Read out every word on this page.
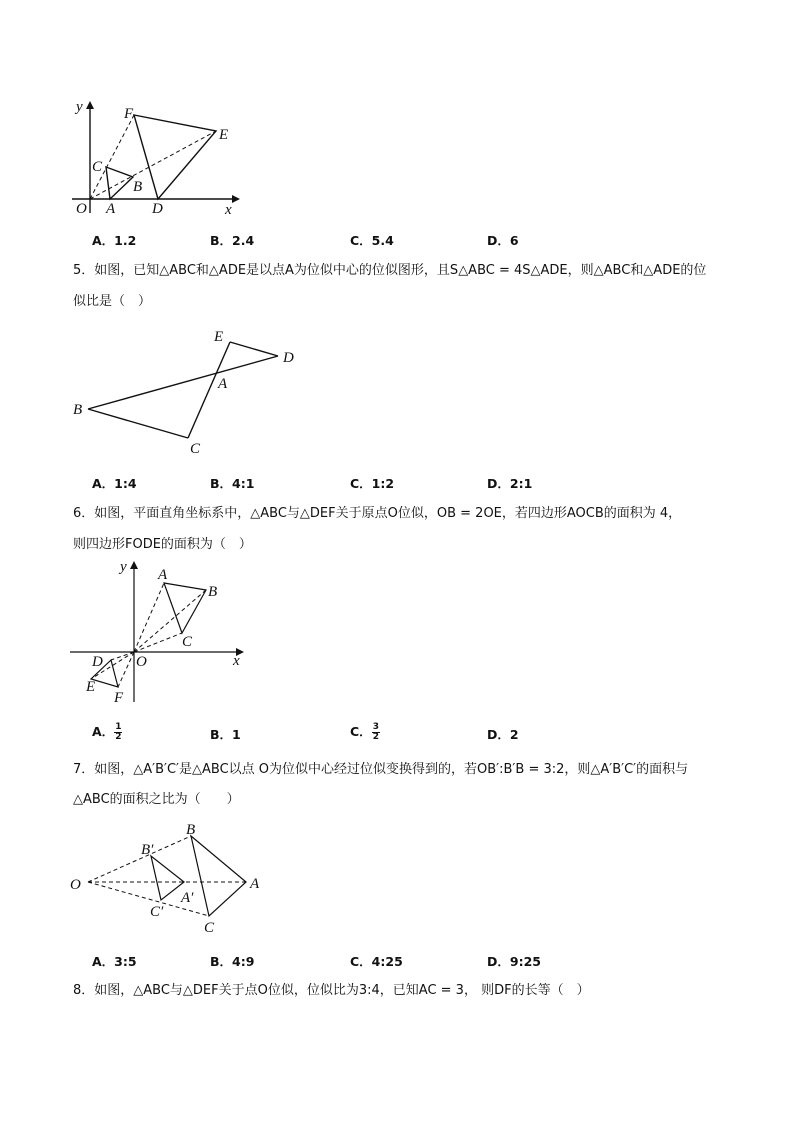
y
x
O A
B
C
D
E
F
A．1.2	B．2.4	C．5.4	D．6
5．如图，已知△ABC和△ADE是以点A为位似中心的位似图形，且S△ABC = 4S△ADE，则△ABC和△ADE的位
似比是（　）
E
D
A
B
C
A．1:4	B．4:1	C．1:2	D．2:1
6．如图，平面直角坐标系中，△ABC与△DEF关于原点O位似，OB = 2OE，若四边形AOCB的面积为 4，
则四边形FODE的面积为（　）
y
x
O
A
B
C
D
E
F
A． $\frac{1}{2}$	B．1	C． $\frac{3}{2}$	D．2
7．如图，△A′B′C′是△ABC以点 O为位似中心经过位似变换得到的，若OB′:B′B = 3:2，则△A′B′C′的面积与
△ABC的面积之比为（　　）
O	A
B
C
A′
B′
C′
A．3:5	B．4:9	C．4:25	D．9:25
8．如图，△ABC与△DEF关于点O位似，位似比为3:4，已知AC = 3， 则DF的长等（　）
